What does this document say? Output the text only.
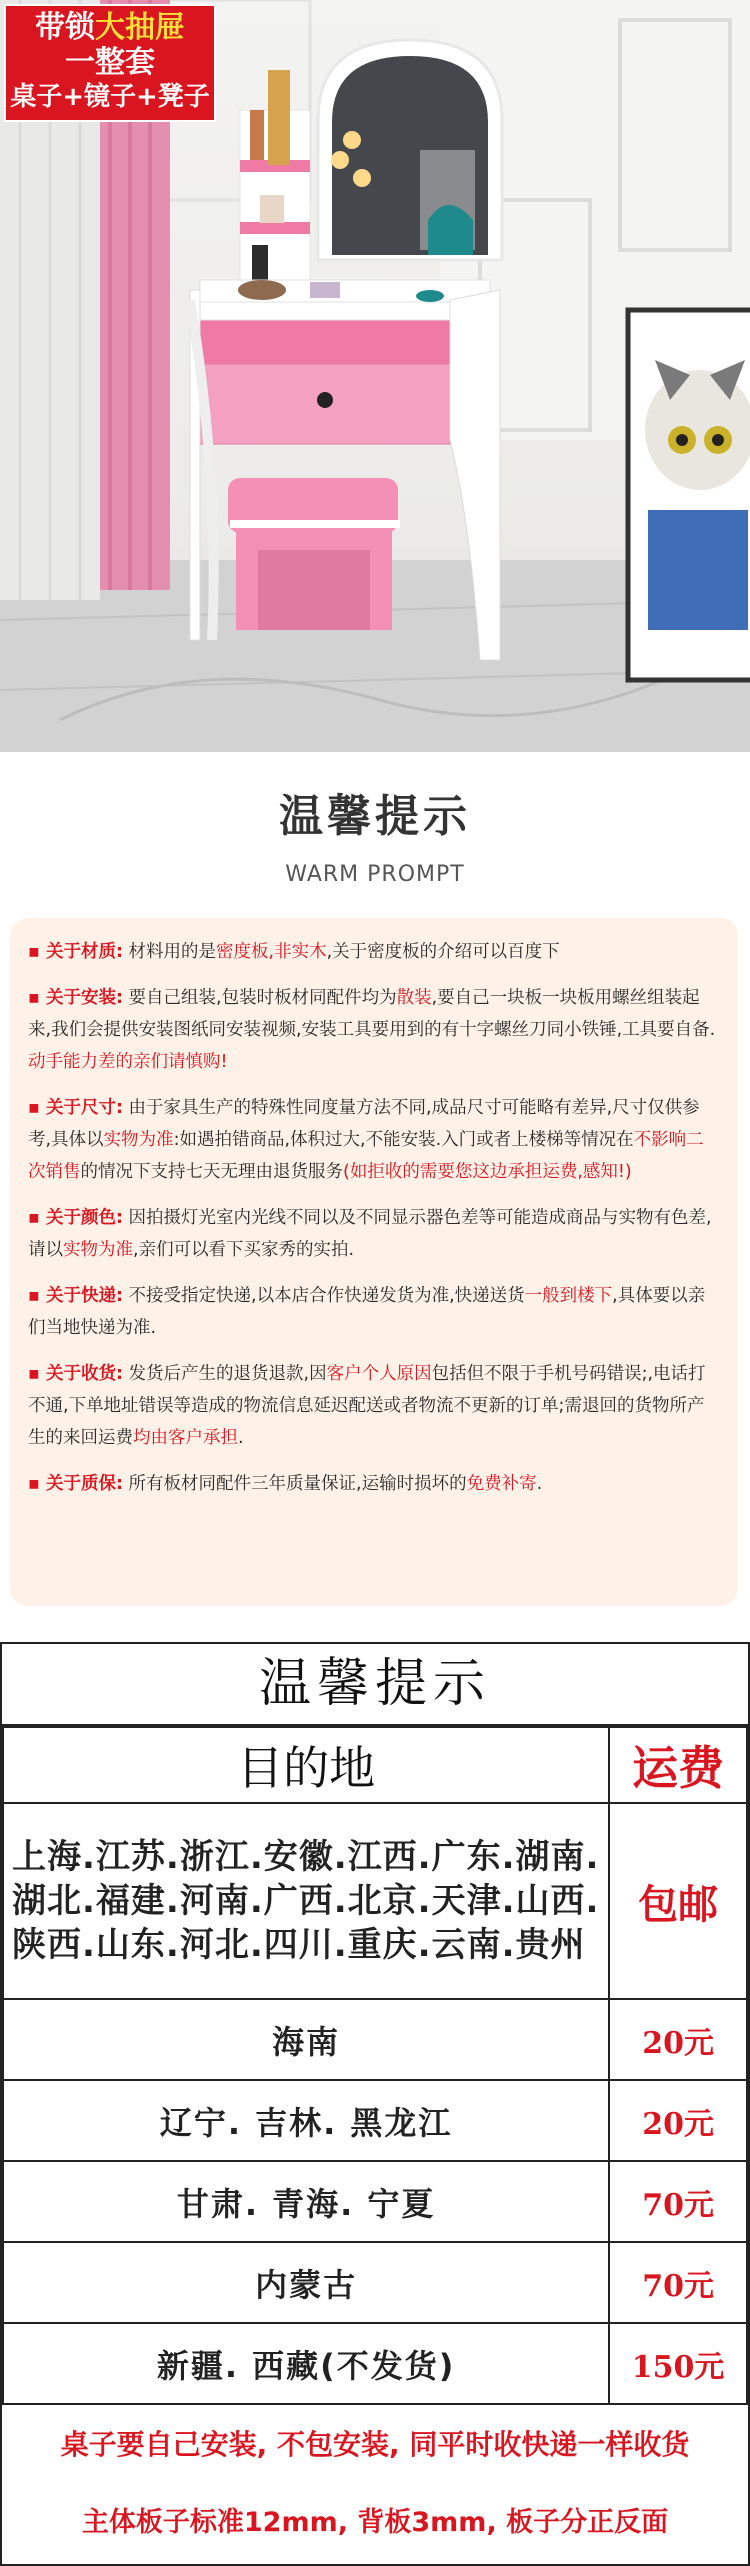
带锁大抽屉
一整套
桌子+镜子+凳子
温馨提示
WARM PROMPT
▪ 关于材质: 材料用的是密度板,非实木,关于密度板的介绍可以百度下
▪ 关于安装: 要自己组装,包装时板材同配件均为散装,要自己一块板一块板用螺丝组装起来,我们会提供安装图纸同安装视频,安装工具要用到的有十字螺丝刀同小铁锤,工具要自备.动手能力差的亲们请慎购!
▪ 关于尺寸: 由于家具生产的特殊性同度量方法不同,成品尺寸可能略有差异,尺寸仅供参考,具体以实物为准:如遇拍错商品,体积过大,不能安装.入门或者上楼梯等情况在不影响二次销售的情况下支持七天无理由退货服务(如拒收的需要您这边承担运费,感知!)
▪ 关于颜色: 因拍摄灯光室内光线不同以及不同显示器色差等可能造成商品与实物有色差,请以实物为准,亲们可以看下买家秀的实拍.
▪ 关于快递: 不接受指定快递,以本店合作快递发货为准,快递送货一般到楼下,具体要以亲们当地快递为准.
▪ 关于收货: 发货后产生的退货退款,因客户个人原因包括但不限于手机号码错误;,电话打不通,下单地址错误等造成的物流信息延迟配送或者物流不更新的订单;需退回的货物所产生的来回运费均由客户承担.
▪ 关于质保: 所有板材同配件三年质量保证,运输时损坏的免费补寄.
温馨提示
目的地	运费
上海.江苏.浙江.安徽.江西.广东.湖南.湖北.福建.河南.广西.北京.天津.山西.陕西.山东.河北.四川.重庆.云南.贵州	包邮
海南	20元
辽宁. 吉林. 黑龙江	20元
甘肃. 青海. 宁夏	70元
内蒙古	70元
新疆. 西藏(不发货)	150元
桌子要自己安装, 不包安装, 同平时收快递一样收货
主体板子标准12mm, 背板3mm, 板子分正反面
